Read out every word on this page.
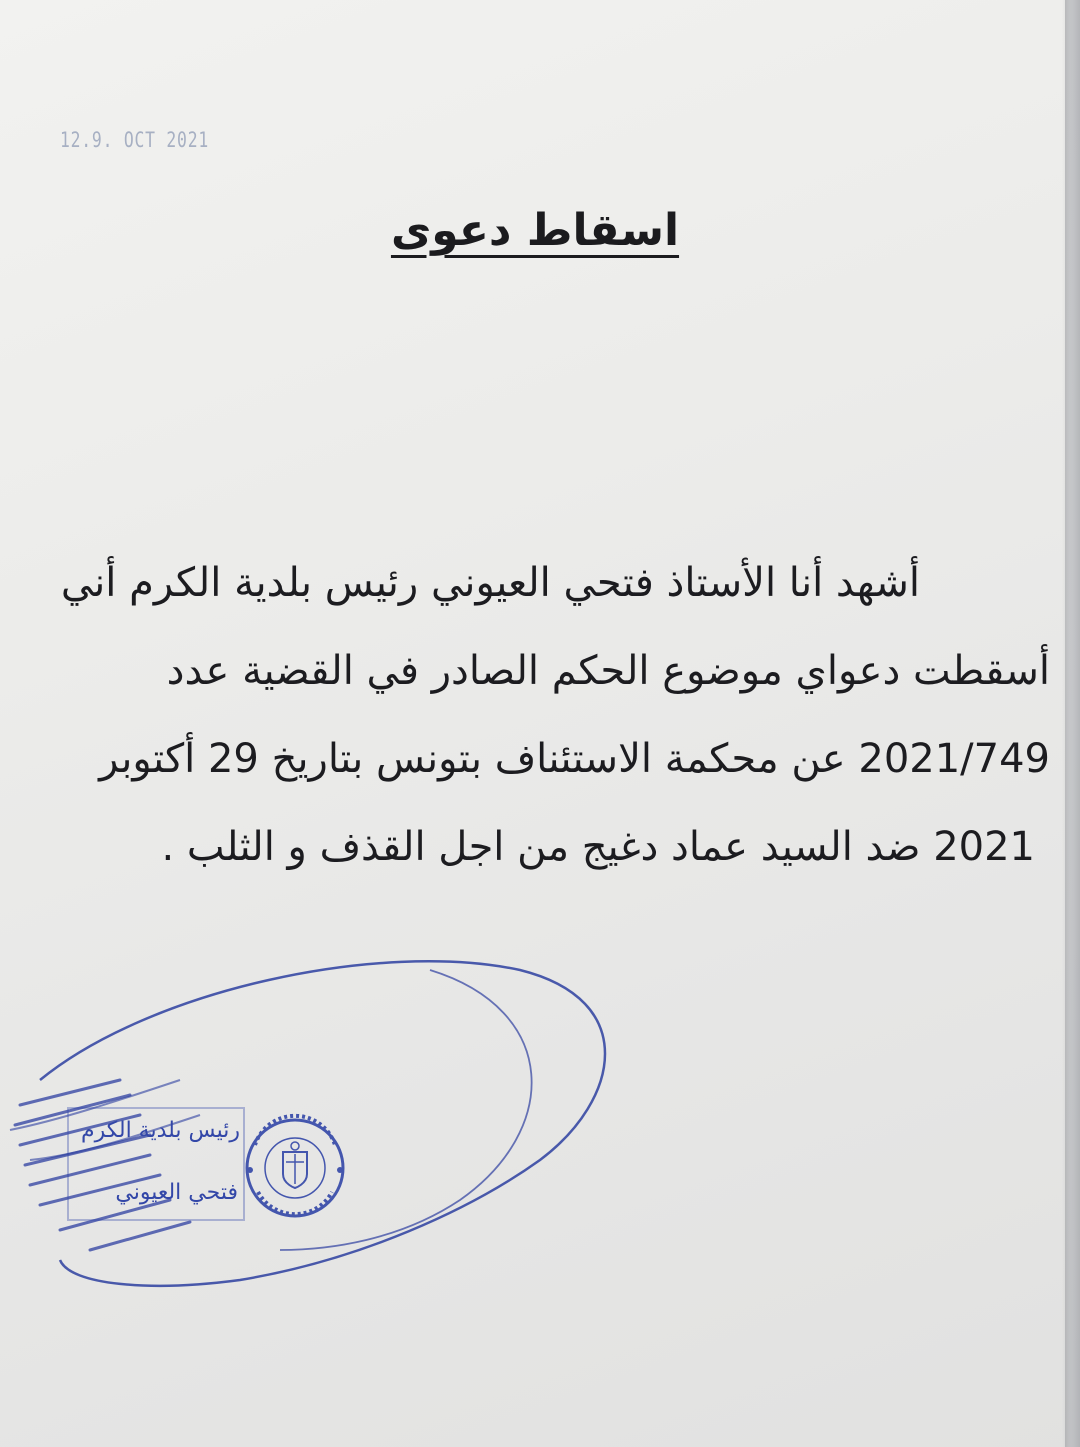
12.9. OCT 2021
اسقاط دعوى
أشهد أنا الأستاذ فتحي العيوني رئيس بلدية الكرم أني
أسقطت دعواي موضوع الحكم الصادر في القضية عدد
2021/749 عن محكمة الاستئناف بتونس بتاريخ 29 أكتوبر
2021 ضد السيد عماد دغيج من اجل القذف و الثلب .
رئيس بلدية الكرم
فتحي العيوني
